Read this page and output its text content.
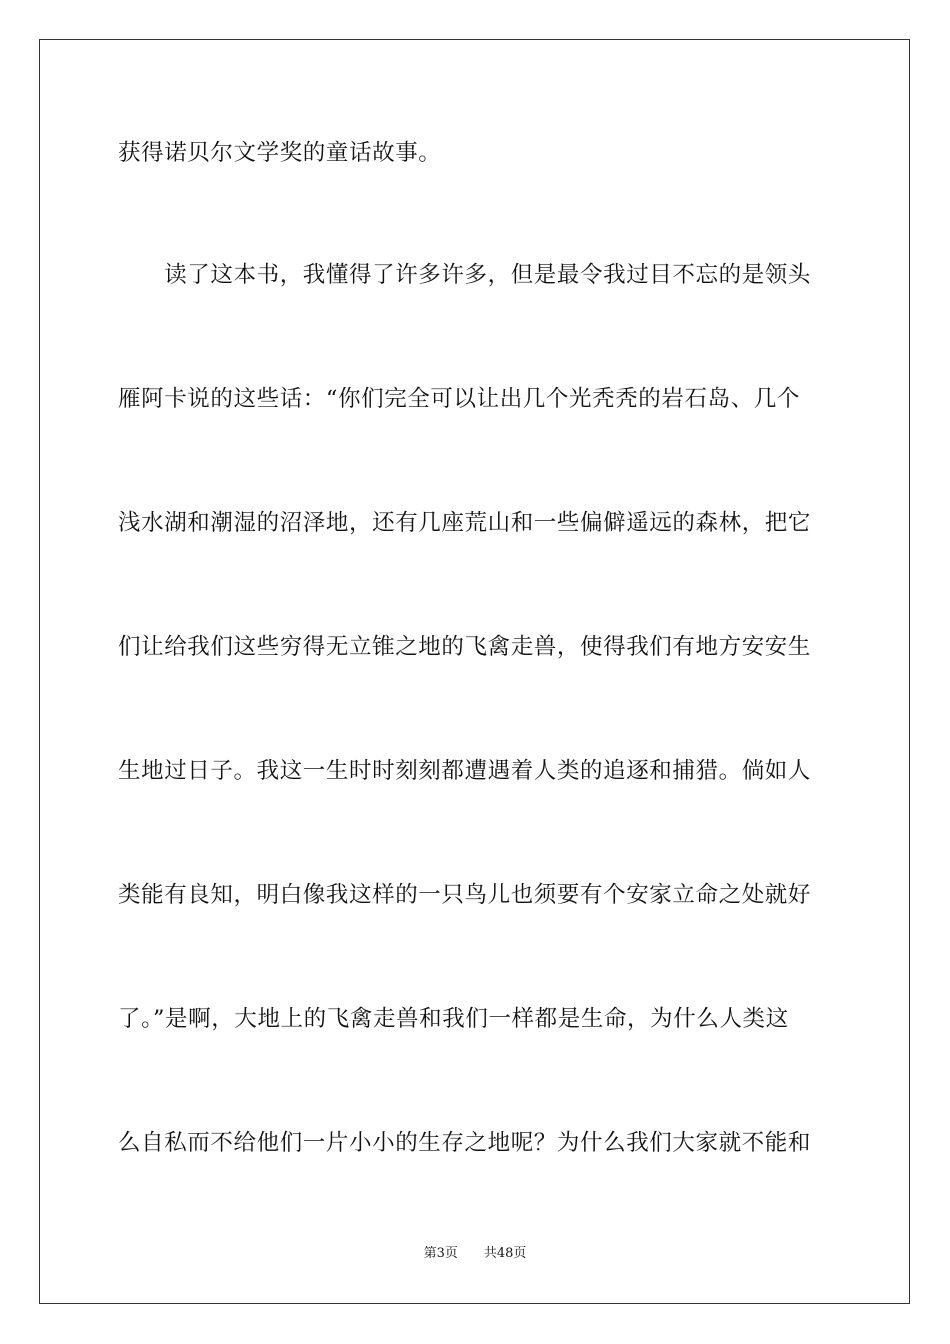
获得诺贝尔文学奖的童话故事。
　　读了这本书，我懂得了许多许多，但是最令我过目不忘的是领头
雁阿卡说的这些话：“你们完全可以让出几个光秃秃的岩石岛、几个
浅水湖和潮湿的沼泽地，还有几座荒山和一些偏僻遥远的森林，把它
们让给我们这些穷得无立锥之地的飞禽走兽，使得我们有地方安安生
生地过日子。我这一生时时刻刻都遭遇着人类的追逐和捕猎。倘如人
类能有良知，明白像我这样的一只鸟儿也须要有个安家立命之处就好
了。”是啊，大地上的飞禽走兽和我们一样都是生命，为什么人类这
么自私而不给他们一片小小的生存之地呢？为什么我们大家就不能和
第3页 共48页
